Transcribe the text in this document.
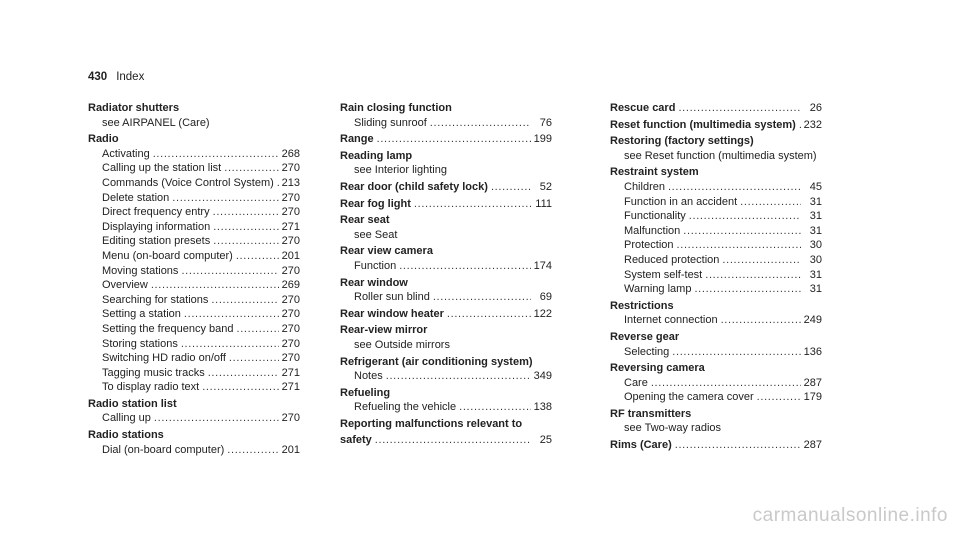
430 Index
Radiator shutters
see AIRPANEL (Care)
Radio
Activating . . .	268
Calling up the station list . . .	270
Commands (Voice Control System) . . . 213
Delete station . . .	270
Direct frequency entry . . .	270
Displaying information . . .	271
Editing station presets . . .	270
Menu (on-board computer) . . .	201
Moving stations . . .	270
Overview . . .	269
Searching for stations . . .	270
Setting a station . . .	270
Setting the frequency band . . .	270
Storing stations . . .	270
Switching HD radio on/off . . .	270
Tagging music tracks . . .	271
To display radio text . . .	271
Radio station list
Calling up . . .	270
Radio stations
Dial (on-board computer) . . .	201
Rain closing function
Sliding sunroof . . .	76
Range . . .	199
Reading lamp
see Interior lighting
Rear door (child safety lock) . . .	52
Rear fog light . . .	111
Rear seat
see Seat
Rear view camera
Function . . .	174
Rear window
Roller sun blind . . .	69
Rear window heater . . .	122
Rear-view mirror
see Outside mirrors
Refrigerant (air conditioning system)
Notes . . .	349
Refueling
Refueling the vehicle . . .	138
Reporting malfunctions relevant to
safety . . .	25
Rescue card . . .	26
Reset function (multimedia system) . . . 232
Restoring (factory settings)
see Reset function (multimedia system)
Restraint system
Children . . .	45
Function in an accident . . .	31
Functionality . . .	31
Malfunction . . .	31
Protection . . .	30
Reduced protection . . .	30
System self-test . . .	31
Warning lamp . . .	31
Restrictions
Internet connection . . .	249
Reverse gear
Selecting . . .	136
Reversing camera
Care . . .	287
Opening the camera cover . . .	179
RF transmitters
see Two-way radios
Rims (Care) . . .	287
carmanualsonline.info
